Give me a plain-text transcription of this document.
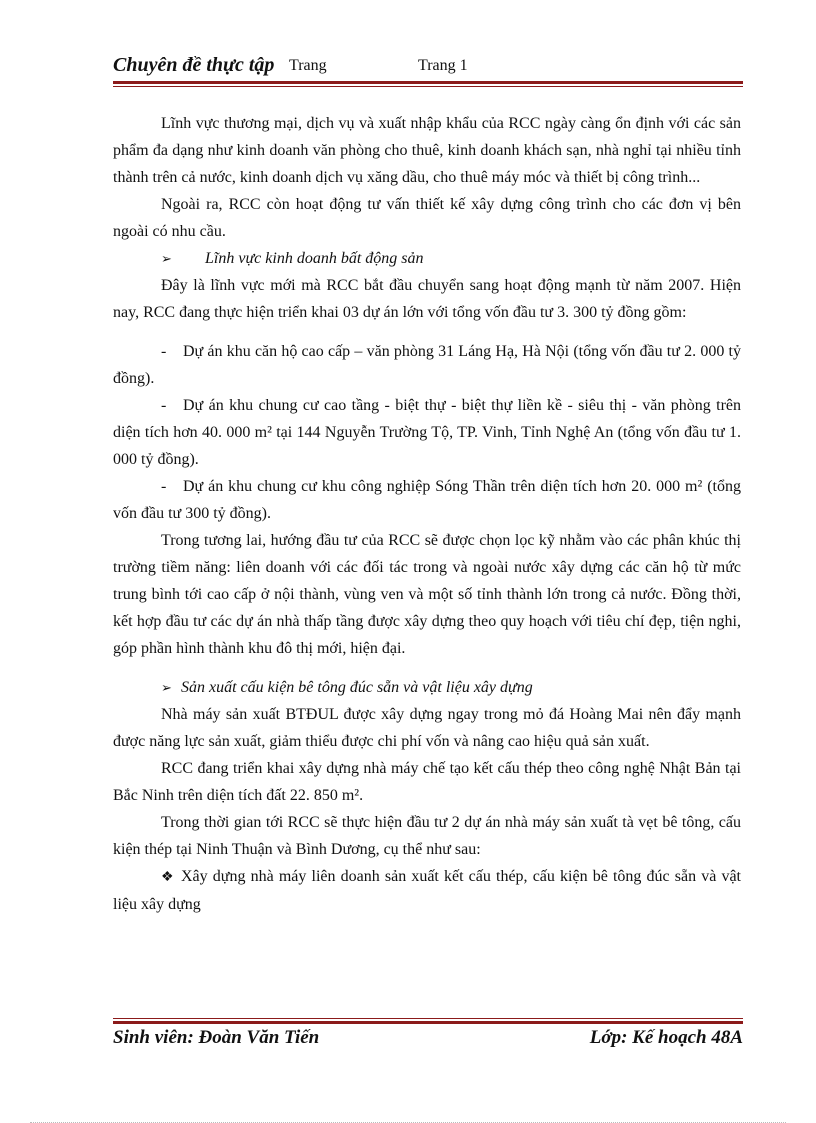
Chuyên đề thực tập Trang	Trang 1

Lĩnh vực thương mại, dịch vụ và xuất nhập khẩu của RCC ngày càng ổn định với các sản phẩm đa dạng như kinh doanh văn phòng cho thuê, kinh doanh khách sạn, nhà nghỉ tại nhiều tỉnh thành trên cả nước, kinh doanh dịch vụ xăng dầu, cho thuê máy móc và thiết bị công trình...

Ngoài ra, RCC còn hoạt động tư vấn thiết kế xây dựng công trình cho các đơn vị bên ngoài có nhu cầu.

➢ Lĩnh vực kinh doanh bất động sản

Đây là lĩnh vực mới mà RCC bắt đầu chuyển sang hoạt động mạnh từ năm 2007. Hiện nay, RCC đang thực hiện triển khai 03 dự án lớn với tổng vốn đầu tư 3. 300 tỷ đồng gồm:

- Dự án khu căn hộ cao cấp – văn phòng 31 Láng Hạ, Hà Nội (tổng vốn đầu tư 2. 000 tỷ đồng).

- Dự án khu chung cư cao tầng - biệt thự - biệt thự liền kề - siêu thị - văn phòng trên diện tích hơn 40. 000 m² tại 144 Nguyễn Trường Tộ, TP. Vinh, Tỉnh Nghệ An (tổng vốn đầu tư 1. 000 tỷ đồng).

- Dự án khu chung cư khu công nghiệp Sóng Thần trên diện tích hơn 20. 000 m² (tổng vốn đầu tư 300 tỷ đồng).

Trong tương lai, hướng đầu tư của RCC sẽ được chọn lọc kỹ nhằm vào các phân khúc thị trường tiềm năng: liên doanh với các đối tác trong và ngoài nước xây dựng các căn hộ từ mức trung bình tới cao cấp ở nội thành, vùng ven và một số tỉnh thành lớn trong cả nước. Đồng thời, kết hợp đầu tư các dự án nhà thấp tầng được xây dựng theo quy hoạch với tiêu chí đẹp, tiện nghi, góp phần hình thành khu đô thị mới, hiện đại.

➢ Sản xuất cấu kiện bê tông đúc sẵn và vật liệu xây dựng

Nhà máy sản xuất BTĐUL được xây dựng ngay trong mỏ đá Hoàng Mai nên đẩy mạnh được năng lực sản xuất, giảm thiểu được chi phí vốn và nâng cao hiệu quả sản xuất.

RCC đang triển khai xây dựng nhà máy chế tạo kết cấu thép theo công nghệ Nhật Bản tại Bắc Ninh trên diện tích đất 22. 850 m².

Trong thời gian tới RCC sẽ thực hiện đầu tư 2 dự án nhà máy sản xuất tà vẹt bê tông, cấu kiện thép tại Ninh Thuận và Bình Dương, cụ thể như sau:

❖ Xây dựng nhà máy liên doanh sản xuất kết cấu thép, cấu kiện bê tông đúc sẵn và vật liệu xây dựng

Sinh viên: Đoàn Văn Tiến	Lớp: Kế hoạch 48A
